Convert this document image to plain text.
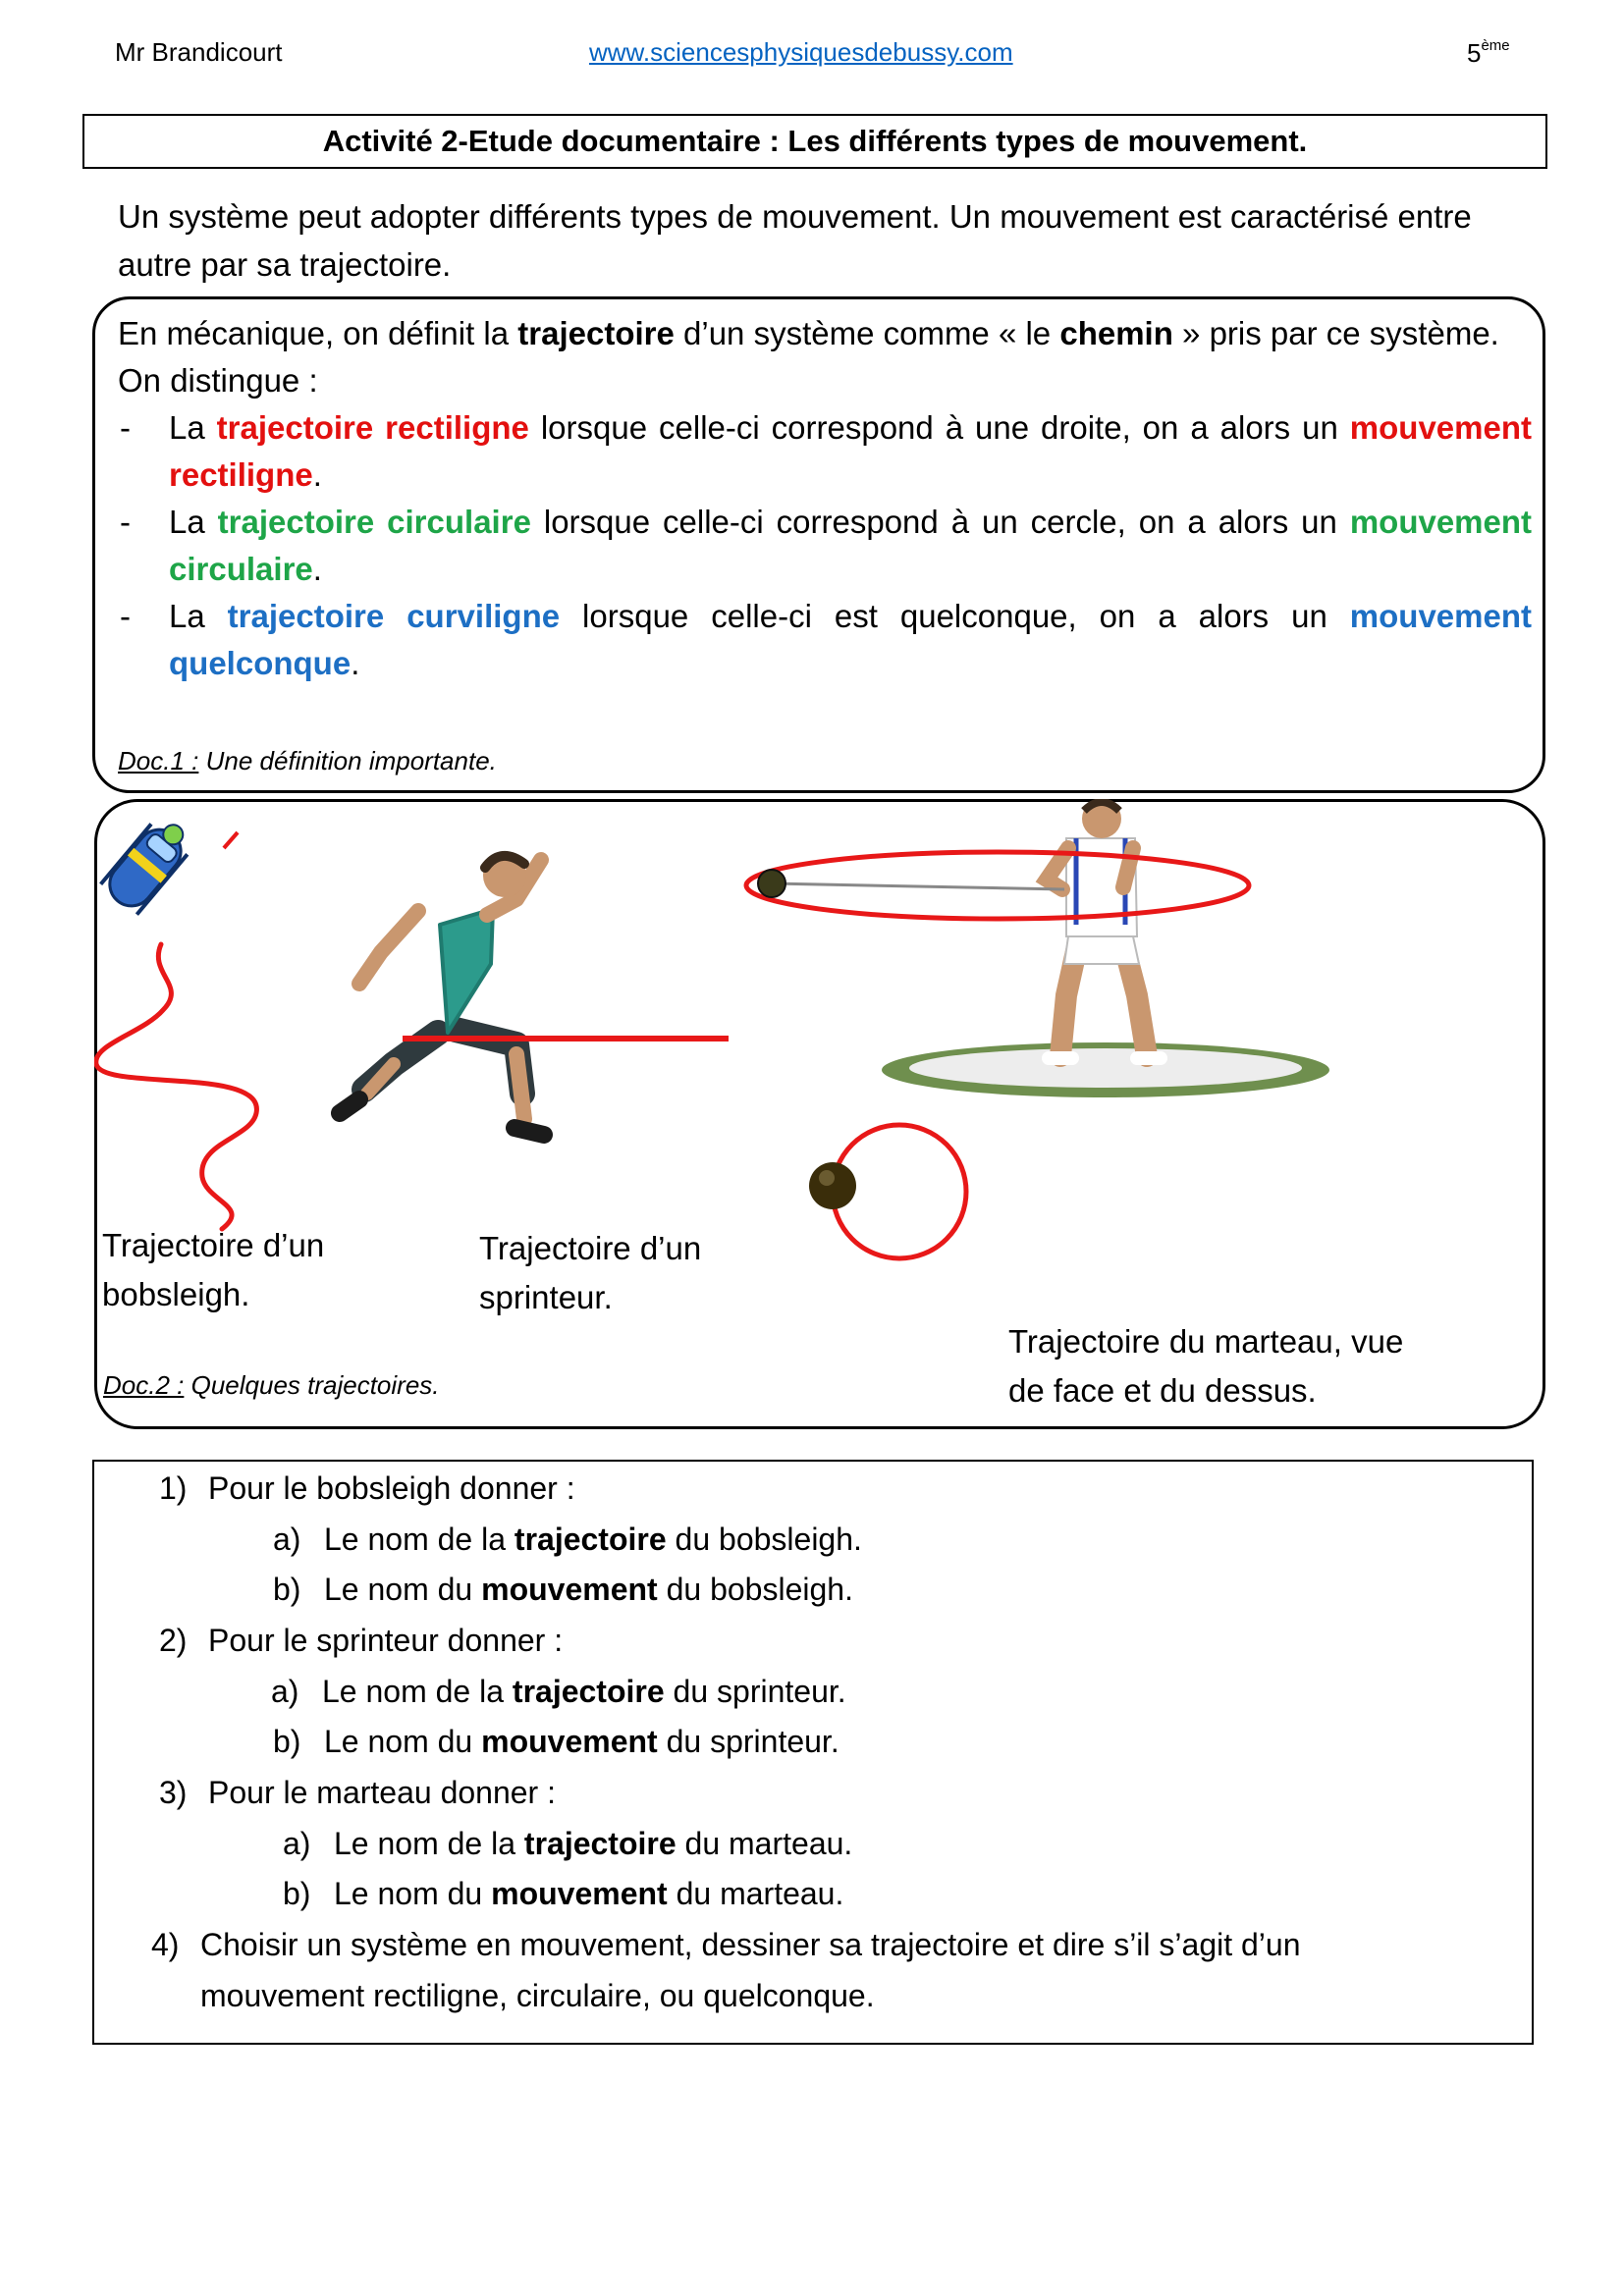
Mr Brandicourt	www.sciencesphysiquesdebussy.com	5ème
Activité 2-Etude documentaire : Les différents types de mouvement.
Un système peut adopter différents types de mouvement. Un mouvement est caractérisé entre autre par sa trajectoire.

En mécanique, on définit la trajectoire d’un système comme « le chemin » pris par ce système.

On distingue :

- La trajectoire rectiligne lorsque celle-ci correspond à une droite, on a alors un mouvement rectiligne.
- La trajectoire circulaire lorsque celle-ci correspond à un cercle, on a alors un mouvement circulaire.
- La trajectoire curviligne lorsque celle-ci est quelconque, on a alors un mouvement quelconque.
Doc.1 : Une définition importante.
Trajectoire d’un
bobsleigh.
Trajectoire d’un
sprinteur.
Trajectoire du marteau, vue
de face et du dessus.
Doc.2 : Quelques trajectoires.
1) Pour le bobsleigh donner :
a) Le nom de la trajectoire du bobsleigh.
b) Le nom du mouvement du bobsleigh.
2) Pour le sprinteur donner :
a) Le nom de la trajectoire du sprinteur.
b) Le nom du mouvement du sprinteur.
3) Pour le marteau donner :
a) Le nom de la trajectoire du marteau.
b) Le nom du mouvement du marteau.
4) Choisir un système en mouvement, dessiner sa trajectoire et dire s’il s’agit d’un
mouvement rectiligne, circulaire, ou quelconque.
